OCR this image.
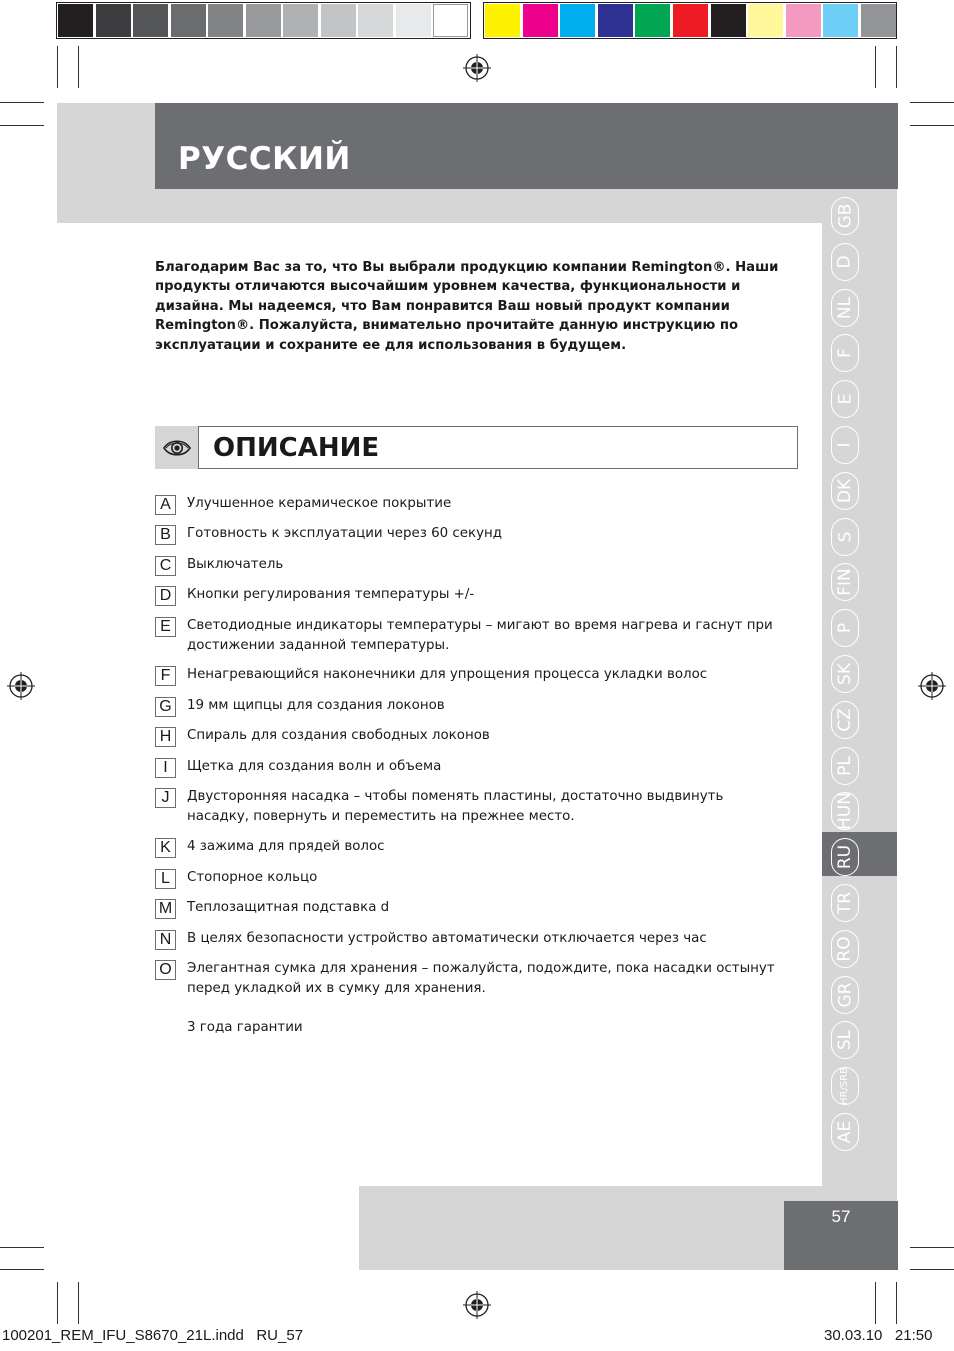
РУССКИЙ
GB
D
NL
F
E
I
DK
S
FIN
P
SK
CZ
PL
HUN
RU
TR
RO
GR
SL
HR/SRB
AE
Благодарим Вас за то, что Вы выбрали продукцию компании Remington®. Наши продукты отличаются высочайшим уровнем качества, функциональности и дизайна. Мы надеемся, что Вам понравится Ваш новый продукт компании Remington®. Пожалуйста, внимательно прочитайте данную инструкцию по эксплуатации и сохраните ее для использования в будущем.
ОПИСАНИЕ
A	Улучшенное керамическое покрытие
B	Готовность к эксплуатации через 60 секунд
C	Выключатель
D	Кнопки регулирования температуры +/-
E	Светодиодные индикаторы температуры – мигают во время нагрева и гаснут при достижении заданной температуры.
F	Ненагревающийся наконечники для упрощения процесса укладки волос
G	19 мм щипцы для создания локонов
H	Спираль для создания свободных локонов
I	Щетка для создания волн и объема
J	Двусторонняя насадка – чтобы поменять пластины, достаточно выдвинуть насадку, повернуть и переместить на прежнее место.
K	4 зажима для прядей волос
L	Стопорное кольцо
M Теплозащитная подставка d
N	В целях безопасности устройство автоматически отключается через час
O	Элегантная сумка для хранения – пожалуйста, подождите, пока насадки остынут перед укладкой их в сумку для хранения.
3 года гарантии
57
100201_REM_IFU_S8670_21L.indd   RU_57	30.03.10   21:50
